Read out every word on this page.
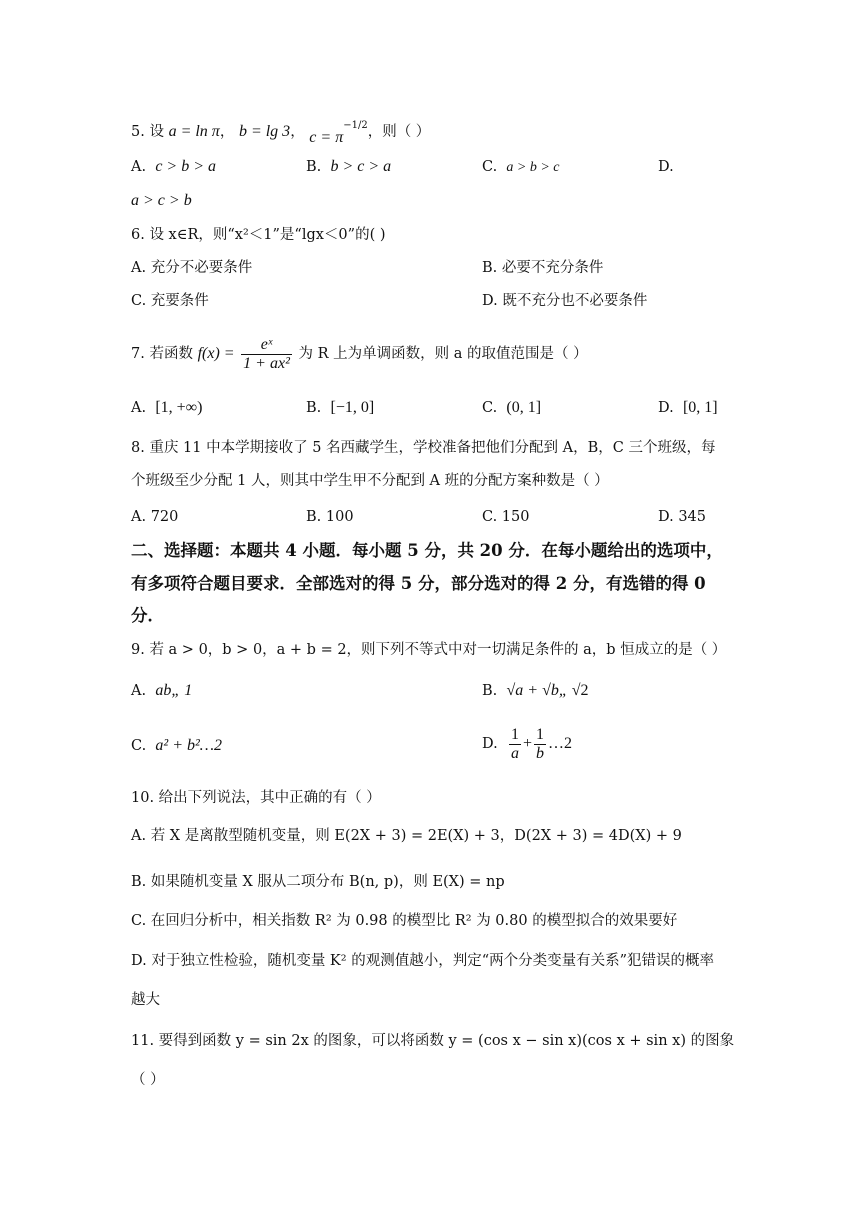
5. 设 a = ln π， b = lg 3， $c = \pi^{-1/2}$，则（ ）
A. c > b > a	B. b > c > a	C. a > b > c	D.
a > c > b
6. 设 x∈R，则“x²＜1”是“lgx＜0”的( )
A. 充分不必要条件	B. 必要不充分条件
C. 充要条件	D. 既不充分也不必要条件
7. 若函数 $f(x) = \frac{\text{eˣ}}{\text{1 + ax²}}$ 为 R 上为单调函数，则 a 的取值范围是（ ）
A. [1, +∞)	B. [−1, 0]	C. (0, 1]	D. [0, 1]
8. 重庆 11 中本学期接收了 5 名西藏学生，学校准备把他们分配到 A，B，C 三个班级，每
个班级至少分配 1 人，则其中学生甲不分配到 A 班的分配方案种数是（ ）
A. 720	B. 100	C. 150	D. 345
二、选择题：本题共 4 小题．每小题 5 分，共 20 分．在每小题给出的选项中，
有多项符合题目要求．全部选对的得 5 分，部分选对的得 2 分，有选错的得 0
分．
9. 若 a > 0，b > 0，a + b = 2，则下列不等式中对一切满足条件的 a，b 恒成立的是（ ）
A. ab„ 1	B. √a + √b„ √2
C. a² + b²…2	D. $\frac{1}{a} + \frac{1}{b}$ …2
10. 给出下列说法，其中正确的有（ ）
A. 若 X 是离散型随机变量，则 E(2X + 3) = 2E(X) + 3，D(2X + 3) = 4D(X) + 9
B. 如果随机变量 X 服从二项分布 B(n, p)，则 E(X) = np
C. 在回归分析中，相关指数 R² 为 0.98 的模型比 R² 为 0.80 的模型拟合的效果要好
D. 对于独立性检验，随机变量 K² 的观测值越小，判定“两个分类变量有关系”犯错误的概率
越大
11. 要得到函数 y = sin 2x 的图象，可以将函数 y = (cos x − sin x)(cos x + sin x) 的图象
（ ）
